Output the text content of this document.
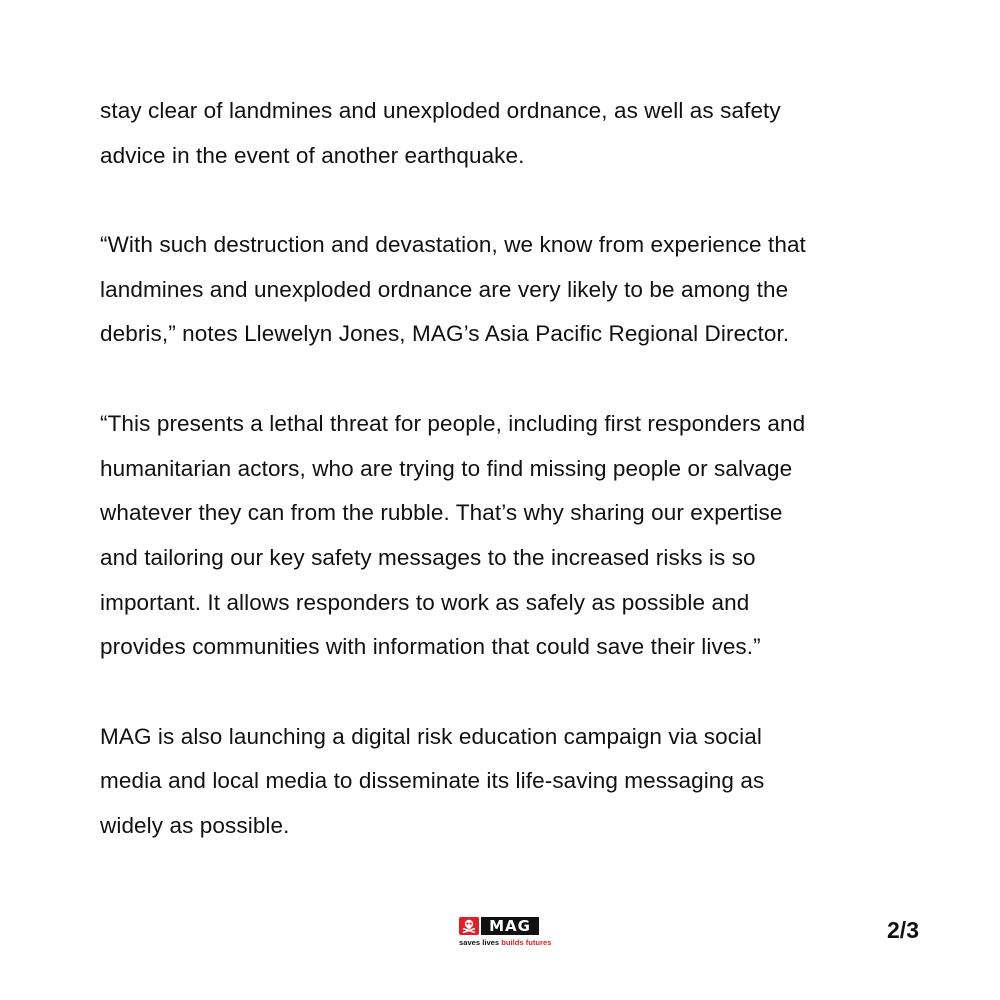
stay clear of landmines and unexploded ordnance, as well as safety
advice in the event of another earthquake.
“With such destruction and devastation, we know from experience that
landmines and unexploded ordnance are very likely to be among the
debris,” notes Llewelyn Jones, MAG’s Asia Pacific Regional Director.
“This presents a lethal threat for people, including first responders and
humanitarian actors, who are trying to find missing people or salvage
whatever they can from the rubble. That’s why sharing our expertise
and tailoring our key safety messages to the increased risks is so
important. It allows responders to work as safely as possible and
provides communities with information that could save their lives.”
MAG is also launching a digital risk education campaign via social
media and local media to disseminate its life-saving messaging as
widely as possible.
MAG
saves lives builds futures	2/3
